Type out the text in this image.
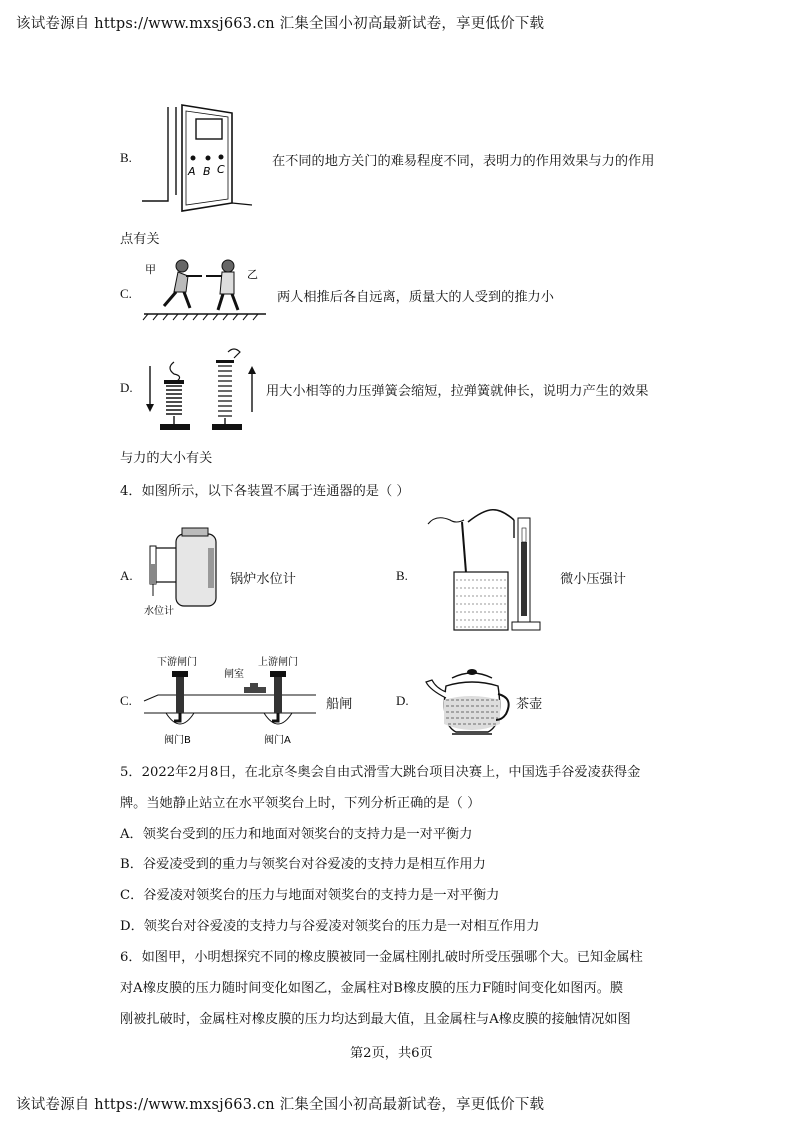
该试卷源自 https://www.mxsj663.cn 汇集全国小初高最新试卷，享更低价下载
B.
A B C
在不同的地方关门的难易程度不同，表明力的作用效果与力的作用
点有关
C.
甲	乙
两人相推后各自远离，质量大的人受到的推力小
D.	用大小相等的力压弹簧会缩短，拉弹簧就伸长，说明力产生的效果
与力的大小有关
4．如图所示，以下各装置不属于连通器的是（ ）
A.
水位计
锅炉水位计	B.	微小压强计
C.
下游闸门
闸室
上游闸门
阀门B	阀门A
船闸	D.	茶壶
5．2022年2月8日，在北京冬奥会自由式滑雪大跳台项目决赛上，中国选手谷爱凌获得金
牌。当她静止站立在水平领奖台上时，下列分析正确的是（ ）
A．领奖台受到的压力和地面对领奖台的支持力是一对平衡力
B．谷爱凌受到的重力与领奖台对谷爱凌的支持力是相互作用力
C．谷爱凌对领奖台的压力与地面对领奖台的支持力是一对平衡力
D．领奖台对谷爱凌的支持力与谷爱凌对领奖台的压力是一对相互作用力
6．如图甲，小明想探究不同的橡皮膜被同一金属柱刚扎破时所受压强哪个大。已知金属柱
对A橡皮膜的压力随时间变化如图乙，金属柱对B橡皮膜的压力F随时间变化如图丙。膜
刚被扎破时，金属柱对橡皮膜的压力均达到最大值，且金属柱与A橡皮膜的接触情况如图
第2页，共6页
该试卷源自 https://www.mxsj663.cn 汇集全国小初高最新试卷，享更低价下载
